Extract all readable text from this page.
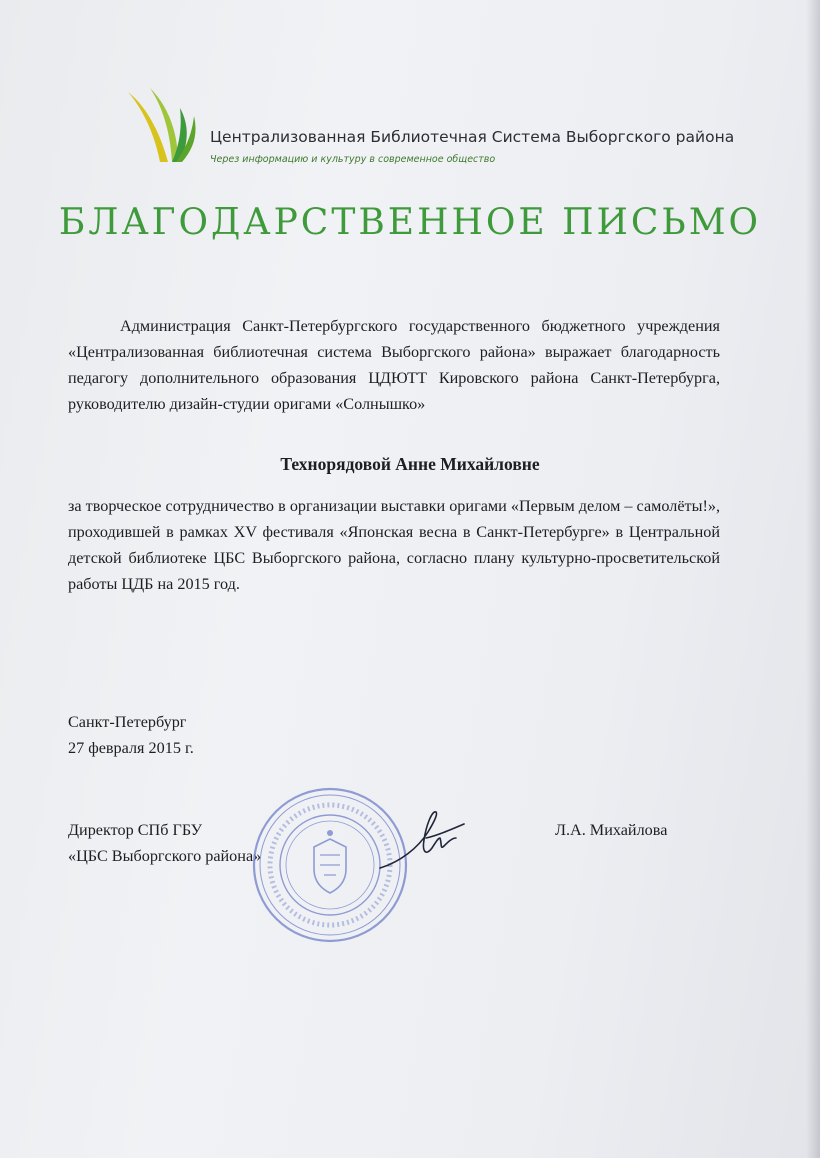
Централизованная Библиотечная Система Выборгского района
Через информацию и культуру в современное общество
БЛАГОДАРСТВЕННОЕ ПИСЬМО

Администрация Санкт-Петербургского государственного бюджетного учреждения «Централизованная библиотечная система Выборгского района» выражает благодарность педагогу дополнительного образования ЦДЮТТ Кировского района Санкт-Петербурга, руководителю дизайн-студии оригами «Солнышко»

Технорядовой Анне Михайловне

за творческое сотрудничество в организации выставки оригами «Первым делом – самолёты!», проходившей в рамках XV фестиваля «Японская весна в Санкт-Петербурге» в Центральной детской библиотеке ЦБС Выборгского района, согласно плану культурно-просветительской работы ЦДБ на 2015 год.

Санкт-Петербург
27 февраля 2015 г.
Директор СПб ГБУ
«ЦБС Выборгского района»
Л.А. Михайлова
